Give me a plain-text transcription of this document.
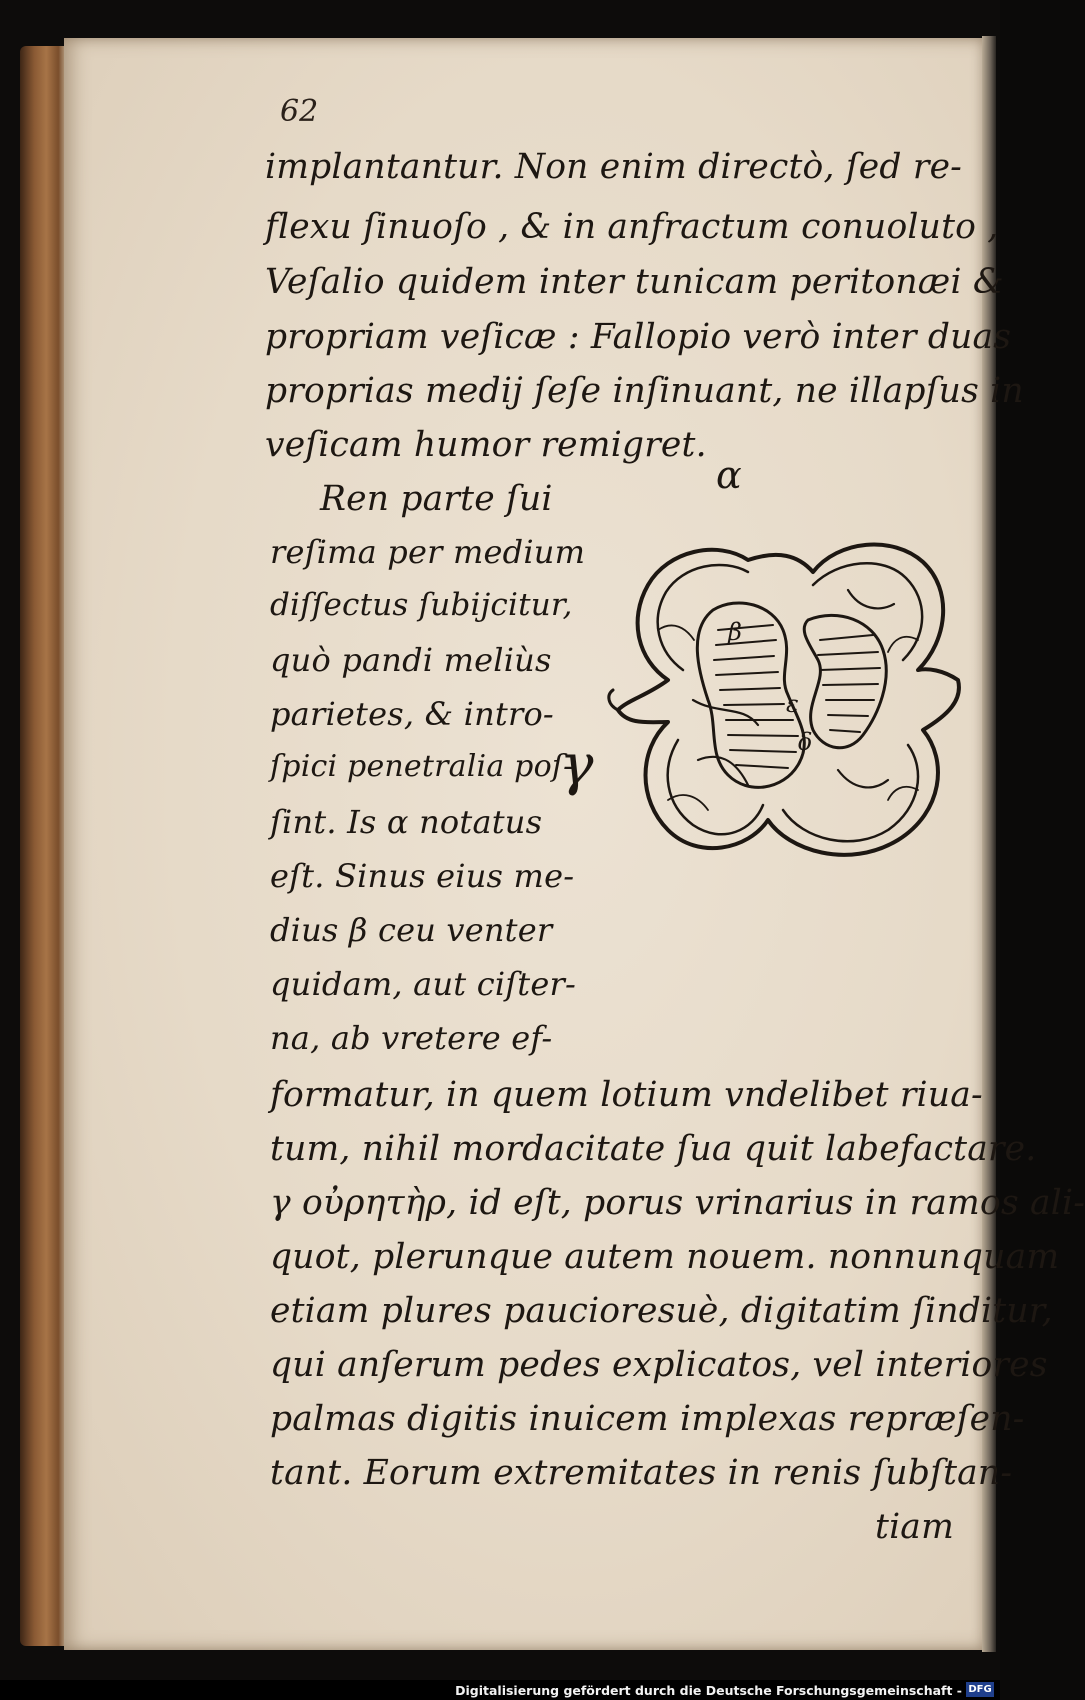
62
implantantur. Non enim directò, ſed re-
flexu ſinuoſo , & in anfractum conuoluto ,
Veſalio quidem inter tunicam peritonæi &
propriam veſicæ : Fallopio verò inter duas
proprias medij ſeſe inſinuant, ne illapſus in
veſicam humor remigret.
Ren parte ſui
reſima per medium
diſſectus ſubijcitur,
quò pandi meliùs
parietes, & intro-
ſpici penetralia poſ-
ſint. Is α notatus
eſt. Sinus eius me-
dius β ceu venter
quidam, aut ciſter-
na, ab vretere ef-
formatur, in quem lotium vndelibet riua-
tum, nihil mordacitate ſua quit labefactare.
γ οὐρητὴρ, id eſt, porus vrinarius in ramos ali-
quot, plerunque autem nouem. nonnunquam
etiam plures paucioresuè, digitatim ſinditur,
qui anſerum pedes explicatos, vel interiores
palmas digitis inuicem implexas repræſen-
tant. Eorum extremitates in renis ſubſtan-
tiam
α
β
ε
δ
γ
Digitalisierung gefördert durch die Deutsche Forschungsgemeinschaft - DFG
